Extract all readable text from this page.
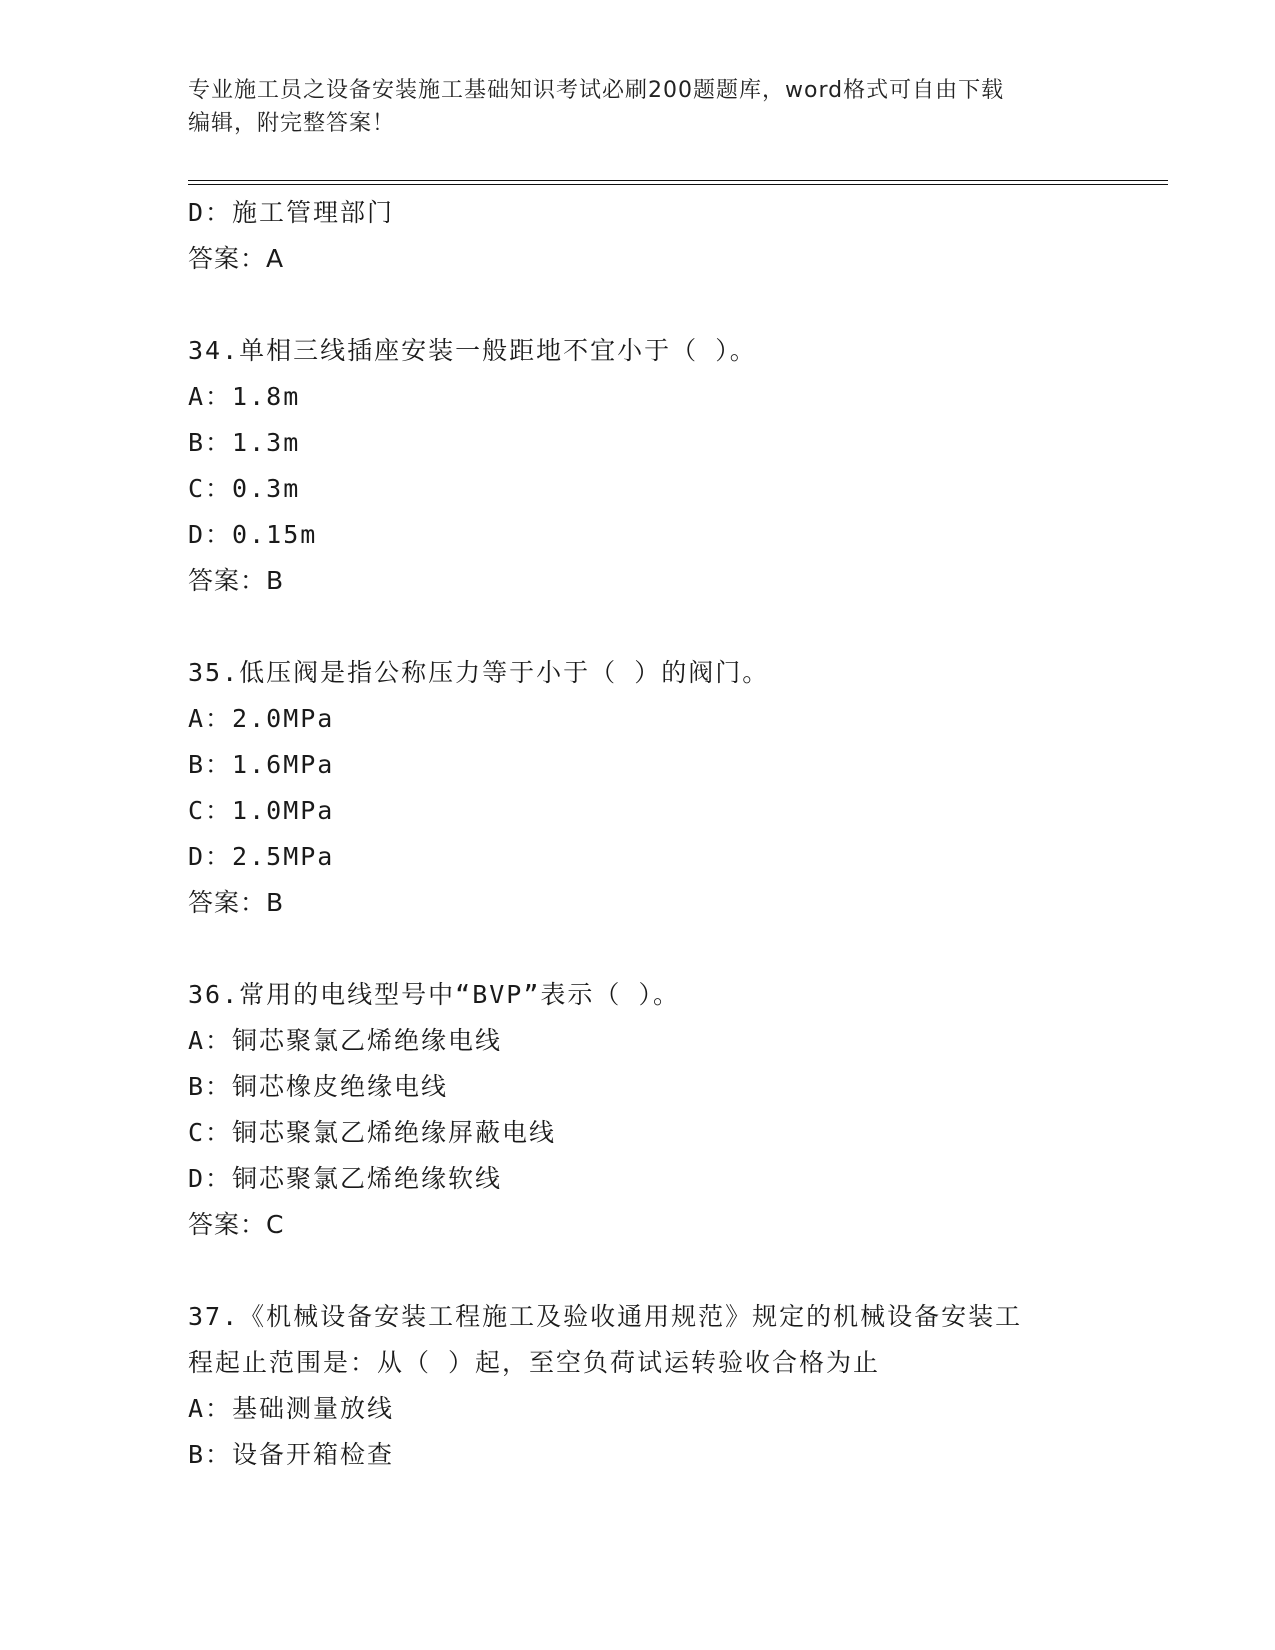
专业施工员之设备安装施工基础知识考试必刷200题题库，word格式可自由下载
编辑，附完整答案！
D：施工管理部门
答案：A
34.单相三线插座安装一般距地不宜小于（ ）。
A：1.8m
B：1.3m
C：0.3m
D：0.15m
答案：B
35.低压阀是指公称压力等于小于（ ）的阀门。
A：2.0MPa
B：1.6MPa
C：1.0MPa
D：2.5MPa
答案：B
36.常用的电线型号中“BVP”表示（ ）。
A：铜芯聚氯乙烯绝缘电线
B：铜芯橡皮绝缘电线
C：铜芯聚氯乙烯绝缘屏蔽电线
D：铜芯聚氯乙烯绝缘软线
答案：C
37.《机械设备安装工程施工及验收通用规范》规定的机械设备安装工
程起止范围是：从（ ）起，至空负荷试运转验收合格为止
A：基础测量放线
B：设备开箱检查
